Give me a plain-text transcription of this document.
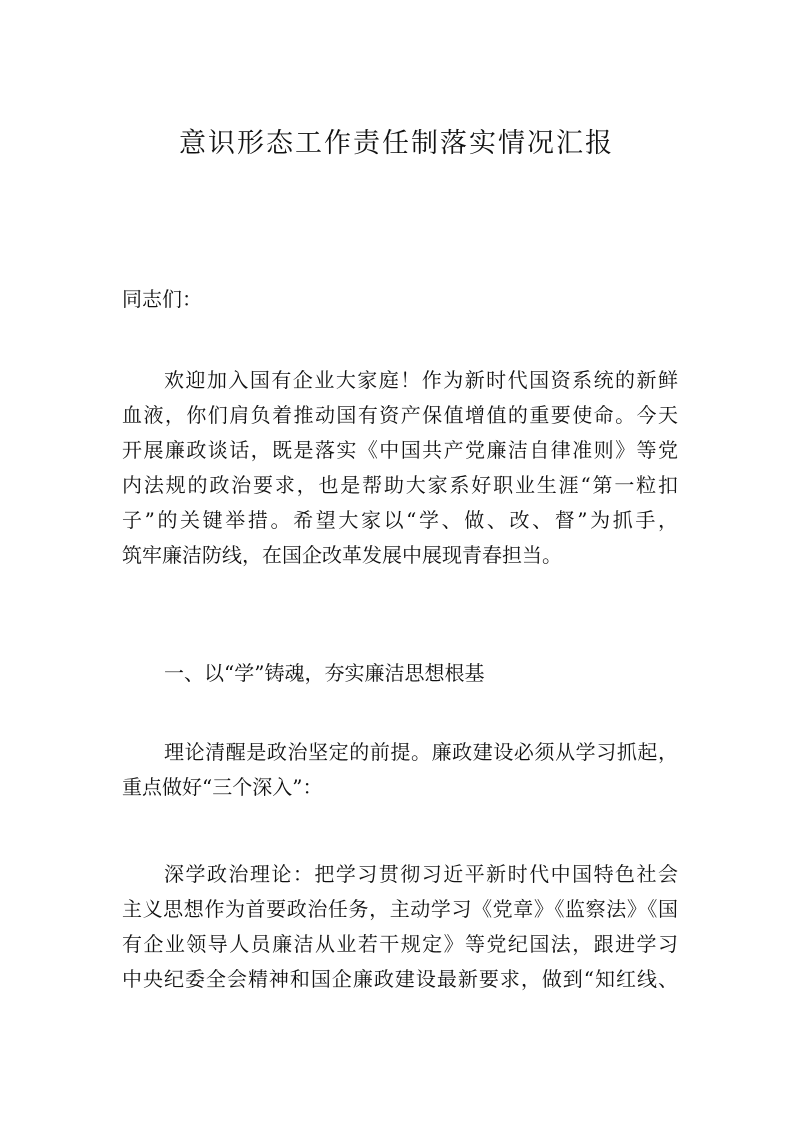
意识形态工作责任制落实情况汇报
同志们：
欢迎加入国有企业大家庭！作为新时代国资系统的新鲜
血液，你们肩负着推动国有资产保值增值的重要使命。今天
开展廉政谈话，既是落实《中国共产党廉洁自律准则》等党
内法规的政治要求，也是帮助大家系好职业生涯“第一粒扣
子”的关键举措。希望大家以“学、做、改、督”为抓手，
筑牢廉洁防线，在国企改革发展中展现青春担当。
一、以“学”铸魂，夯实廉洁思想根基
理论清醒是政治坚定的前提。廉政建设必须从学习抓起，
重点做好“三个深入”：
深学政治理论：把学习贯彻习近平新时代中国特色社会
主义思想作为首要政治任务，主动学习《党章》《监察法》《国
有企业领导人员廉洁从业若干规定》等党纪国法，跟进学习
中央纪委全会精神和国企廉政建设最新要求，做到“知红线、
